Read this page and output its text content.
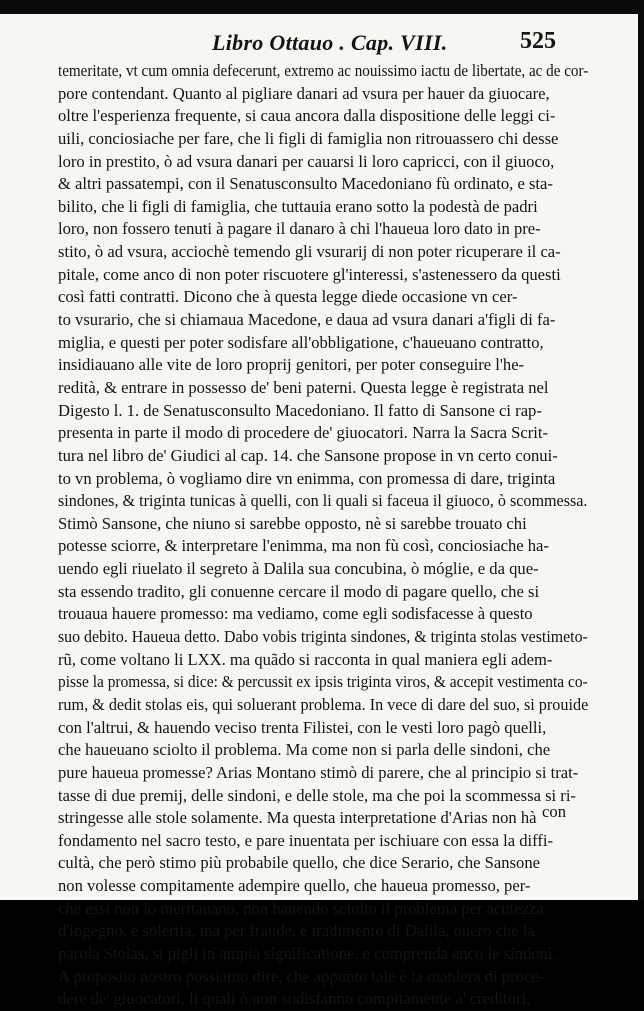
Libro Ottauo . Cap. VIII.	525
temeritate, vt cum omnia defecerunt, extremo ac nouissimo iactu de libertate, ac de cor-
pore contendant. Quanto al pigliare danari ad vsura per hauer da giuocare,
oltre l'esperienza frequente, si caua ancora dalla dispositione delle leggi ci-
uili, conciosiache per fare, che li figli di famiglia non ritrouassero chi desse
loro in prestito, ò ad vsura danari per cauarsi li loro capricci, con il giuoco,
& altri passatempi, con il Senatusconsulto Macedoniano fù ordinato, e sta-
bilito, che li figli di famiglia, che tuttauia erano sotto la podestà de padri
loro, non fossero tenuti à pagare il danaro à chi l'haueua loro dato in pre-
stito, ò ad vsura, acciochè temendo gli vsurarij di non poter ricuperare il ca-
pitale, come anco di non poter riscuotere gl'interessi, s'astenessero da questi
così fatti contratti. Dicono che à questa legge diede occasione vn cer-
to vsurario, che si chiamaua Macedone, e daua ad vsura danari a'figli di fa-
miglia, e questi per poter sodisfare all'obbligatione, c'haueuano contratto,
insidiauano alle vite de loro proprij genitori, per poter conseguire l'he-
redità, & entrare in possesso de' beni paterni. Questa legge è registrata nel
Digesto l. 1. de Senatusconsulto Macedoniano. Il fatto di Sansone ci rap-
presenta in parte il modo di procedere de' giuocatori. Narra la Sacra Scrit-
tura nel libro de' Giudici al cap. 14. che Sansone propose in vn certo conui-
to vn problema, ò vogliamo dire vn enimma, con promessa di dare, triginta
sindones, & triginta tunicas à quelli, con li quali si faceua il giuoco, ò scommessa.
Stimò Sansone, che niuno si sarebbe opposto, nè si sarebbe trouato chi
potesse sciorre, & interpretare l'enimma, ma non fù così, conciosiache ha-
uendo egli riuelato il segreto à Dalila sua concubina, ò móglie, e da que-
sta essendo tradito, gli conuenne cercare il modo di pagare quello, che si
trouaua hauere promesso: ma vediamo, come egli sodisfacesse à questo
suo debito. Haueua detto. Dabo vobis triginta sindones, & triginta stolas vestimeto-
rũ, come voltano li LXX. ma quãdo si racconta in qual maniera egli adem-
pisse la promessa, si dice: & percussit ex ipsis triginta viros, & accepit vestimenta co-
rum, & dedit stolas eis, qui soluerant problema. In vece di dare del suo, si prouide
con l'altrui, & hauendo veciso trenta Filistei, con le vesti loro pagò quelli,
che haueuano sciolto il problema. Ma come non si parla delle sindoni, che
pure haueua promesse? Arias Montano stimò di parere, che al principio si trat-
tasse di due premij, delle sindoni, e delle stole, ma che poi la scommessa si ri-
stringesse alle stole solamente. Ma questa interpretatione d'Arias non hà
fondamento nel sacro testo, e pare inuentata per ischiuare con essa la diffi-
cultà, che però stimo più probabile quello, che dice Serario, che Sansone
non volesse compitamente adempire quello, che haueua promesso, per-
che essi non lo meritauano, non hauendo sciolto il problema per acutezza
d'ingegno, e solertia, ma per fraude, e tradimento di Dalila, ouero che la
parola Stolas, si pigli in ampia significatione, e comprenda anco le sindoni.
A proposito nostro possiamo dire, che appunto tale è la maniera di proce-
dere de' giuocatori, li quali ò non sodisfanno compitamente a' creditori,
con
